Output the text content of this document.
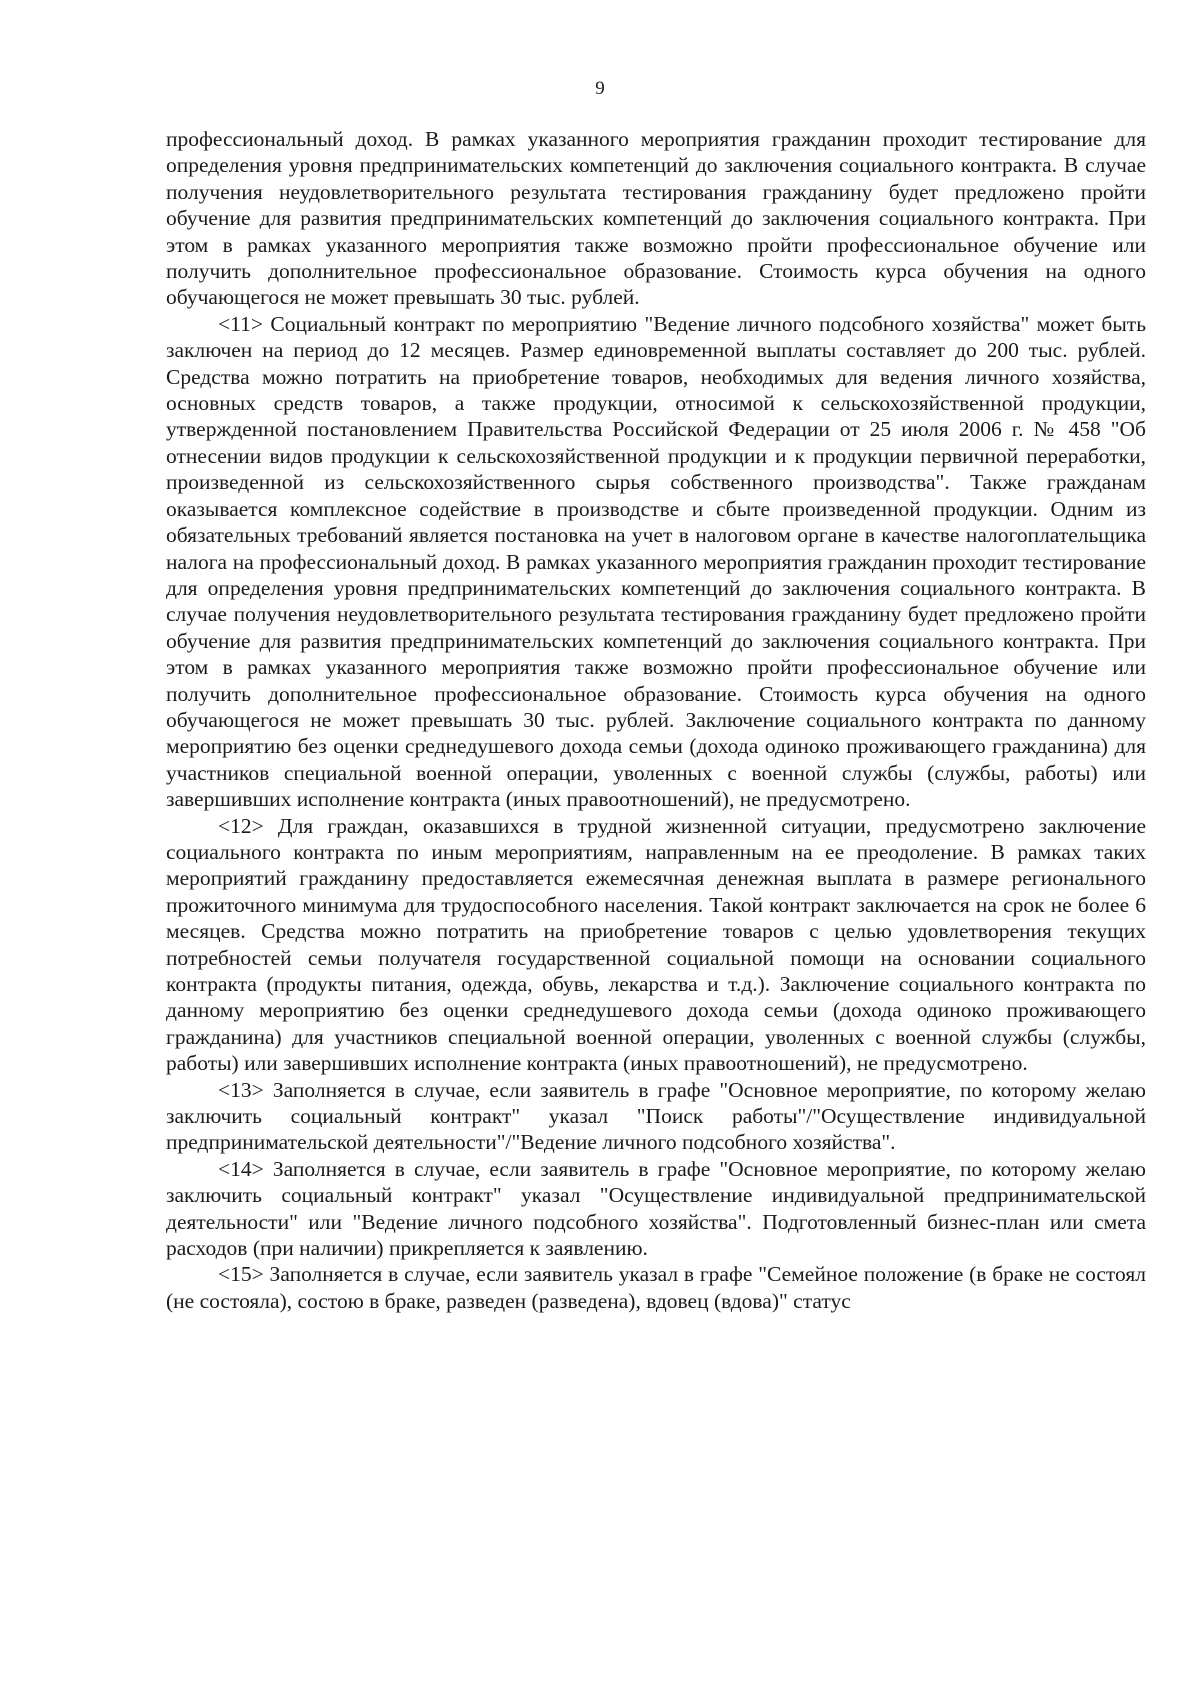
9

профессиональный доход. В рамках указанного мероприятия гражданин проходит тестирование для определения уровня предпринимательских компетенций до заключения социального контракта. В случае получения неудовлетворительного результата тестирования гражданину будет предложено пройти обучение для развития предпринимательских компетенций до заключения социального контракта. При этом в рамках указанного мероприятия также возможно пройти профессиональное обучение или получить дополнительное профессиональное образование. Стоимость курса обучения на одного обучающегося не может превышать 30 тыс. рублей.

<11> Социальный контракт по мероприятию "Ведение личного подсобного хозяйства" может быть заключен на период до 12 месяцев. Размер единовременной выплаты составляет до 200 тыс. рублей. Средства можно потратить на приобретение товаров, необходимых для ведения личного хозяйства, основных средств товаров, а также продукции, относимой к сельскохозяйственной продукции, утвержденной постановлением Правительства Российской Федерации от 25 июля 2006 г. № 458 "Об отнесении видов продукции к сельскохозяйственной продукции и к продукции первичной переработки, произведенной из сельскохозяйственного сырья собственного производства". Также гражданам оказывается комплексное содействие в производстве и сбыте произведенной продукции. Одним из обязательных требований является постановка на учет в налоговом органе в качестве налогоплательщика налога на профессиональный доход. В рамках указанного мероприятия гражданин проходит тестирование для определения уровня предпринимательских компетенций до заключения социального контракта. В случае получения неудовлетворительного результата тестирования гражданину будет предложено пройти обучение для развития предпринимательских компетенций до заключения социального контракта. При этом в рамках указанного мероприятия также возможно пройти профессиональное обучение или получить дополнительное профессиональное образование. Стоимость курса обучения на одного обучающегося не может превышать 30 тыс. рублей. Заключение социального контракта по данному мероприятию без оценки среднедушевого дохода семьи (дохода одиноко проживающего гражданина) для участников специальной военной операции, уволенных с военной службы (службы, работы) или завершивших исполнение контракта (иных правоотношений), не предусмотрено.

<12> Для граждан, оказавшихся в трудной жизненной ситуации, предусмотрено заключение социального контракта по иным мероприятиям, направленным на ее преодоление. В рамках таких мероприятий гражданину предоставляется ежемесячная денежная выплата в размере регионального прожиточного минимума для трудоспособного населения. Такой контракт заключается на срок не более 6 месяцев. Средства можно потратить на приобретение товаров с целью удовлетворения текущих потребностей семьи получателя государственной социальной помощи на основании социального контракта (продукты питания, одежда, обувь, лекарства и т.д.). Заключение социального контракта по данному мероприятию без оценки среднедушевого дохода семьи (дохода одиноко проживающего гражданина) для участников специальной военной операции, уволенных с военной службы (службы, работы) или завершивших исполнение контракта (иных правоотношений), не предусмотрено.

<13> Заполняется в случае, если заявитель в графе "Основное мероприятие, по которому желаю заключить социальный контракт" указал "Поиск работы"/"Осуществление индивидуальной предпринимательской деятельности"/"Ведение личного подсобного хозяйства".

<14> Заполняется в случае, если заявитель в графе "Основное мероприятие, по которому желаю заключить социальный контракт" указал "Осуществление индивидуальной предпринимательской деятельности" или "Ведение личного подсобного хозяйства". Подготовленный бизнес-план или смета расходов (при наличии) прикрепляется к заявлению.

<15> Заполняется в случае, если заявитель указал в графе "Семейное положение (в браке не состоял (не состояла), состою в браке, разведен (разведена), вдовец (вдова)" статус
